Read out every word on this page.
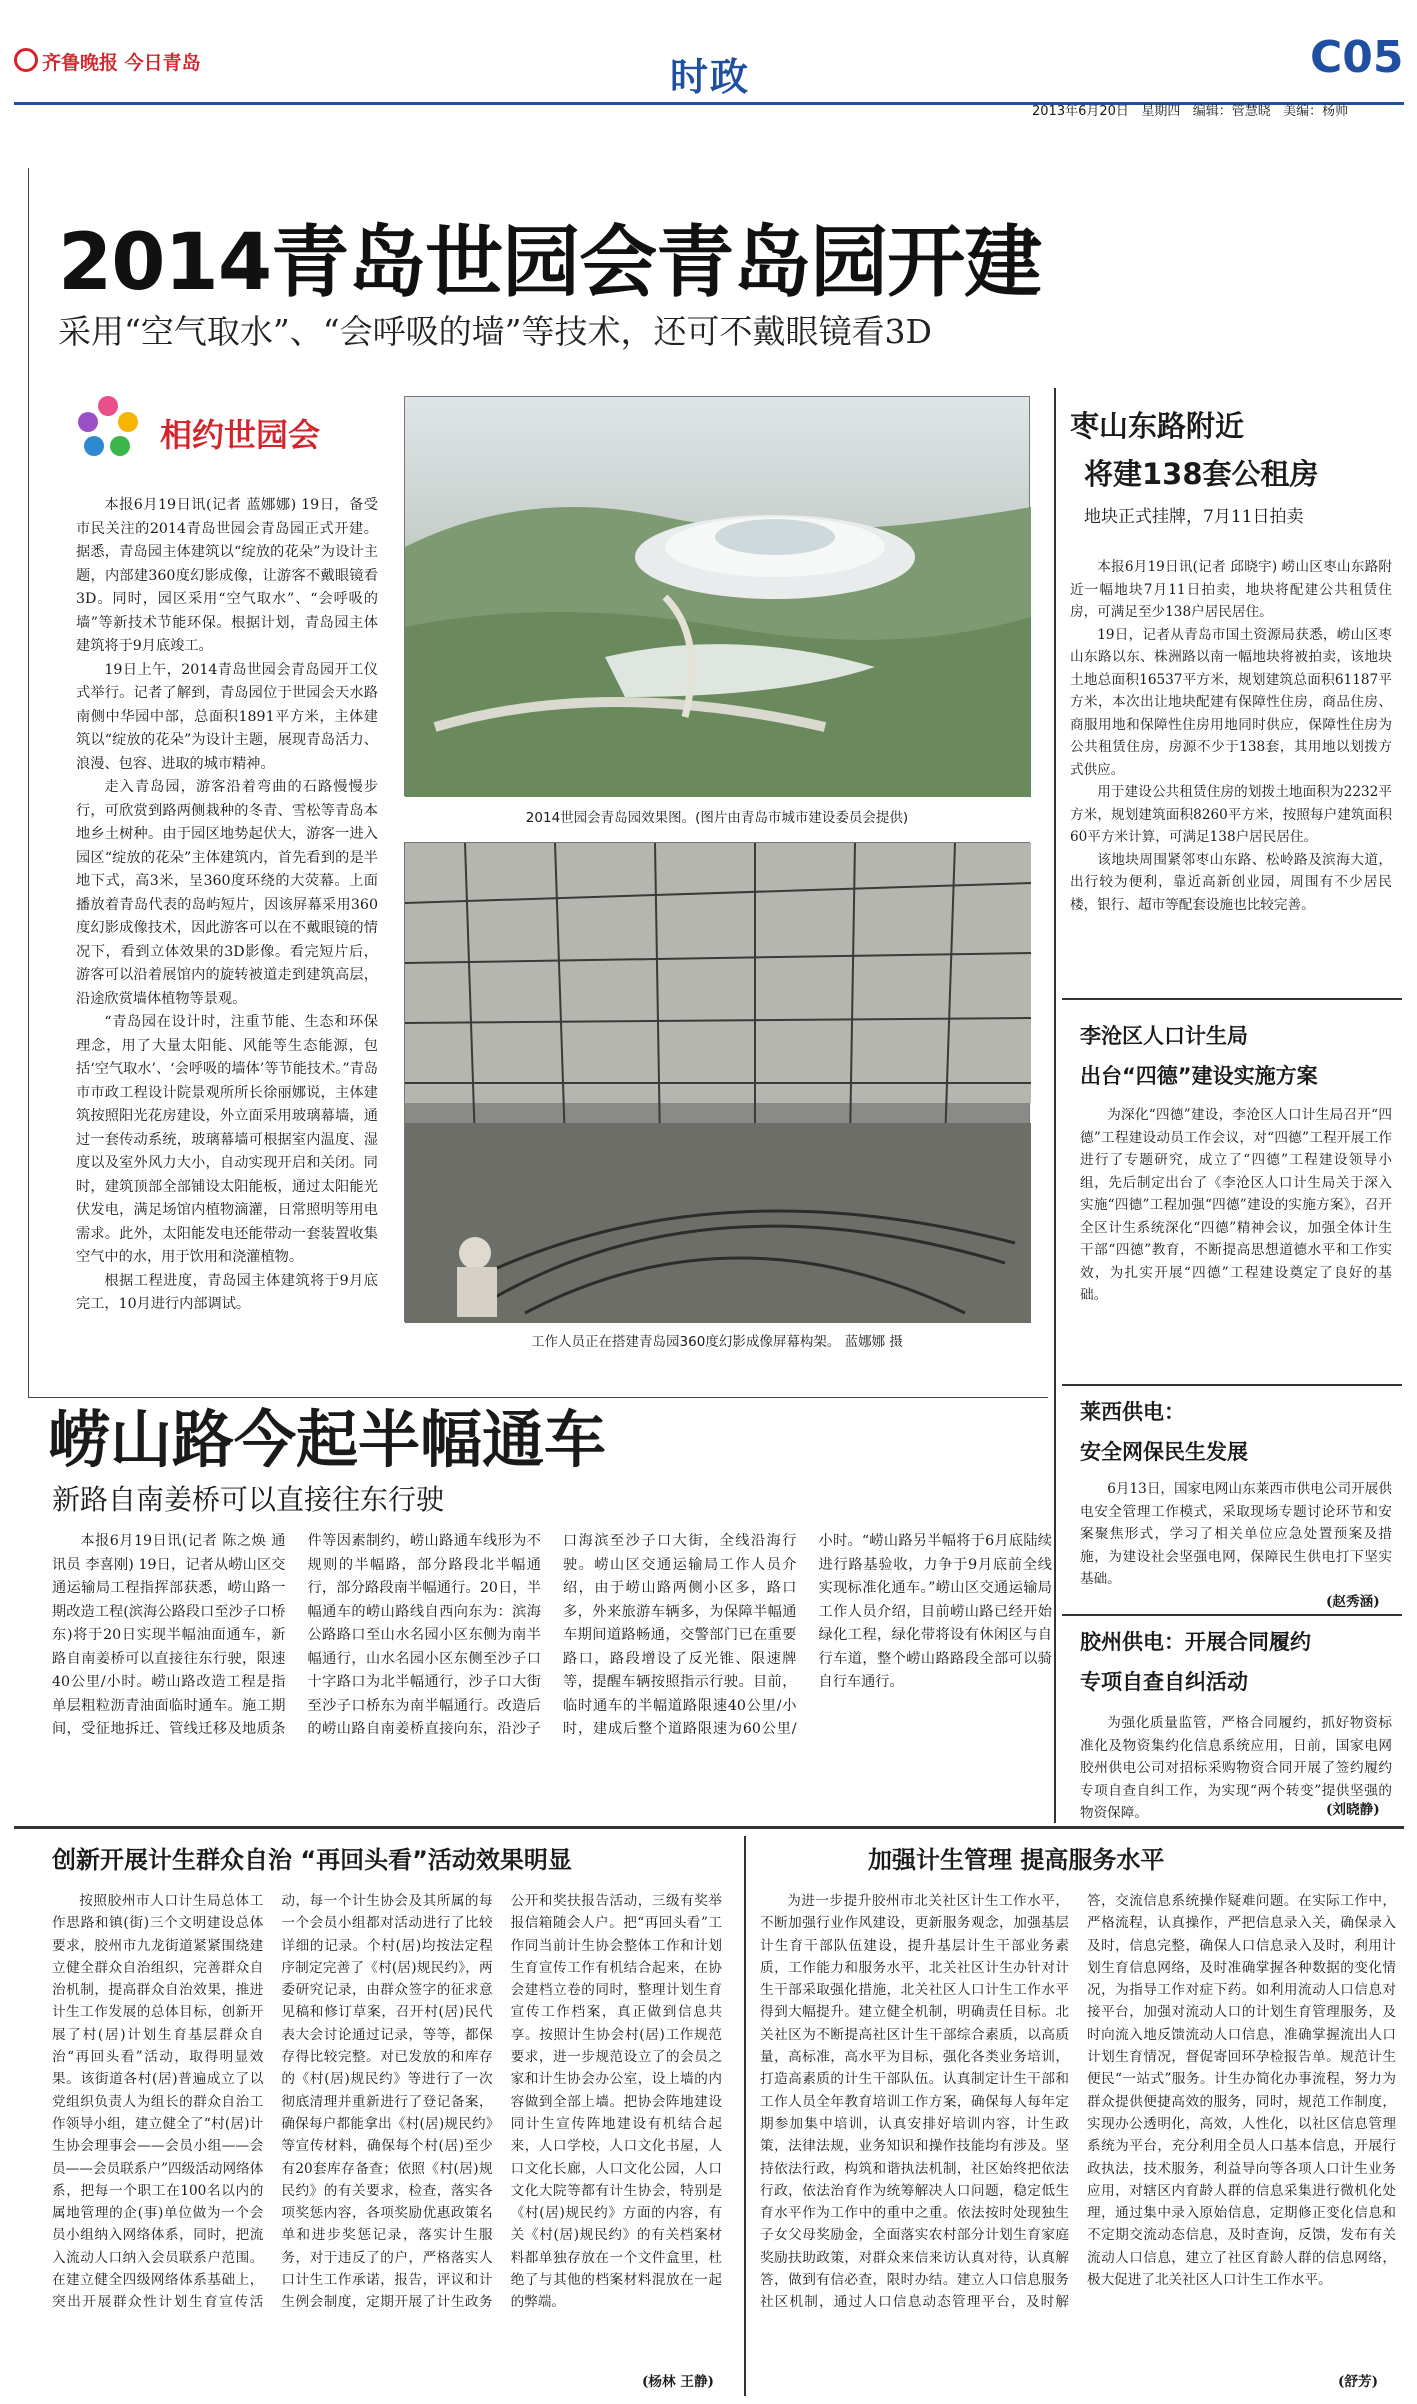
齐鲁晚报 今日青岛	时政	C05
2013年6月20日 星期四 编辑：管慧晓 美编：杨帅
2014青岛世园会青岛园开建
采用“空气取水”、“会呼吸的墙”等技术，还可不戴眼镜看3D
相约世园会

本报6月19日讯(记者 蓝娜娜) 19日，备受市民关注的2014青岛世园会青岛园正式开建。据悉，青岛园主体建筑以“绽放的花朵”为设计主题，内部建360度幻影成像，让游客不戴眼镜看3D。同时，园区采用“空气取水”、“会呼吸的墙”等新技术节能环保。根据计划，青岛园主体建筑将于9月底竣工。

19日上午，2014青岛世园会青岛园开工仪式举行。记者了解到，青岛园位于世园会天水路南侧中华园中部，总面积1891平方米，主体建筑以“绽放的花朵”为设计主题，展现青岛活力、浪漫、包容、进取的城市精神。

走入青岛园，游客沿着弯曲的石路慢慢步行，可欣赏到路两侧栽种的冬青、雪松等青岛本地乡土树种。由于园区地势起伏大，游客一进入园区“绽放的花朵”主体建筑内，首先看到的是半地下式，高3米，呈360度环绕的大荧幕。上面播放着青岛代表的岛屿短片，因该屏幕采用360度幻影成像技术，因此游客可以在不戴眼镜的情况下，看到立体效果的3D影像。看完短片后，游客可以沿着展馆内的旋转被道走到建筑高层，沿途欣赏墙体植物等景观。

“青岛园在设计时，注重节能、生态和环保理念，用了大量太阳能、风能等生态能源，包括‘空气取水’、‘会呼吸的墙体’等节能技术。”青岛市市政工程设计院景观所所长徐丽娜说，主体建筑按照阳光花房建设，外立面采用玻璃幕墙，通过一套传动系统，玻璃幕墙可根据室内温度、湿度以及室外风力大小，自动实现开启和关闭。同时，建筑顶部全部铺设太阳能板，通过太阳能光伏发电，满足场馆内植物滴灌，日常照明等用电需求。此外，太阳能发电还能带动一套装置收集空气中的水，用于饮用和浇灌植物。

根据工程进度，青岛园主体建筑将于9月底完工，10月进行内部调试。

2014世园会青岛园效果图。(图片由青岛市城市建设委员会提供)
工作人员正在搭建青岛园360度幻影成像屏幕构架。 蓝娜娜 摄
枣山东路附近
将建138套公租房
地块正式挂牌，7月11日拍卖

本报6月19日讯(记者 邱晓宇) 崂山区枣山东路附近一幅地块7月11日拍卖，地块将配建公共租赁住房，可满足至少138户居民居住。

19日，记者从青岛市国土资源局获悉，崂山区枣山东路以东、株洲路以南一幅地块将被拍卖，该地块土地总面积16537平方米，规划建筑总面积61187平方米，本次出让地块配建有保障性住房，商品住房、商服用地和保障性住房用地同时供应，保障性住房为公共租赁住房，房源不少于138套，其用地以划拨方式供应。

用于建设公共租赁住房的划拨土地面积为2232平方米，规划建筑面积8260平方米，按照每户建筑面积60平方米计算，可满足138户居民居住。

该地块周围紧邻枣山东路、松岭路及滨海大道，出行较为便利，靠近高新创业园，周围有不少居民楼，银行、超市等配套设施也比较完善。

李沧区人口计生局
出台“四德”建设实施方案

为深化“四德”建设，李沧区人口计生局召开“四德”工程建设动员工作会议，对“四德”工程开展工作进行了专题研究，成立了“四德”工程建设领导小组，先后制定出台了《李沧区人口计生局关于深入实施“四德”工程加强“四德”建设的实施方案》，召开全区计生系统深化“四德”精神会议，加强全体计生干部“四德”教育，不断提高思想道德水平和工作实效，为扎实开展“四德”工程建设奠定了良好的基础。

莱西供电：
安全网保民生发展

6月13日，国家电网山东莱西市供电公司开展供电安全管理工作模式，采取现场专题讨论环节和安案聚焦形式，学习了相关单位应急处置预案及措施，为建设社会坚强电网，保障民生供电打下坚实基础。

(赵秀涵)
胶州供电：开展合同履约
专项自查自纠活动

为强化质量监管，严格合同履约，抓好物资标准化及物资集约化信息系统应用，日前，国家电网胶州供电公司对招标采购物资合同开展了签约履约专项自查自纠工作，为实现“两个转变”提供坚强的物资保障。	(刘晓静)
崂山路今起半幅通车
新路自南姜桥可以直接往东行驶

本报6月19日讯(记者 陈之焕 通讯员 李喜刚) 19日，记者从崂山区交通运输局工程指挥部获悉，崂山路一期改造工程(滨海公路段口至沙子口桥东)将于20日实现半幅油面通车，新路自南姜桥可以直接往东行驶，限速40公里/小时。崂山路改造工程是指单层粗粒沥青油面临时通车。施工期间，受征地拆迁、管线迁移及地质条件等因素制约，崂山路通车线形为不规则的半幅路，部分路段北半幅通行，部分路段南半幅通行。20日，半幅通车的崂山路线自西向东为：滨海公路路口至山水名园小区东侧为南半幅通行，山水名园小区东侧至沙子口十字路口为北半幅通行，沙子口大街至沙子口桥东为南半幅通行。改造后的崂山路自南姜桥直接向东，沿沙子口海滨至沙子口大街，全线沿海行驶。崂山区交通运输局工作人员介绍，由于崂山路两侧小区多，路口多，外来旅游车辆多，为保障半幅通车期间道路畅通，交警部门已在重要路口，路段增设了反光锥、限速牌等，提醒车辆按照指示行驶。目前，临时通车的半幅道路限速40公里/小时，建成后整个道路限速为60公里/小时。“崂山路另半幅将于6月底陆续进行路基验收，力争于9月底前全线实现标准化通车。”崂山区交通运输局工作人员介绍，目前崂山路已经开始绿化工程，绿化带将设有休闲区与自行车道，整个崂山路路段全部可以骑自行车通行。

创新开展计生群众自治 “再回头看”活动效果明显	加强计生管理 提高服务水平

按照胶州市人口计生局总体工作思路和镇(街)三个文明建设总体要求，胶州市九龙街道紧紧围绕建立健全群众自治组织，完善群众自治机制，提高群众自治效果，推进计生工作发展的总体目标，创新开展了村(居)计划生育基层群众自治“再回头看”活动，取得明显效果。该街道各村(居)普遍成立了以党组织负责人为组长的群众自治工作领导小组，建立健全了“村(居)计生协会理事会——会员小组——会员——会员联系户”四级活动网络体系，把每一个职工在100名以内的属地管理的企(事)单位做为一个会员小组纳入网络体系，同时，把流入流动人口纳入会员联系户范围。在建立健全四级网络体系基础上，突出开展群众性计划生育宣传活动，每一个计生协会及其所属的每一个会员小组都对活动进行了比较详细的记录。个村(居)均按法定程序制定完善了《村(居)规民约》，两委研究记录，由群众签字的征求意见稿和修订草案，召开村(居)民代表大会讨论通过记录，等等，都保存得比较完整。对已发放的和库存的《村(居)规民约》等进行了一次彻底清理并重新进行了登记备案，确保每户都能拿出《村(居)规民约》等宣传材料，确保每个村(居)至少有20套库存备查；依照《村(居)规民约》的有关要求，检查，落实各项奖惩内容，各项奖励优惠政策名单和进步奖惩记录，落实计生服务，对于违反了的户，严格落实人口计生工作承诺，报告，评议和计生例会制度，定期开展了计生政务公开和奖扶报告活动，三级有奖举报信箱随会人户。把“再回头看”工作同当前计生协会整体工作和计划生育宣传工作有机结合起来，在协会建档立卷的同时，整理计划生育宣传工作档案，真正做到信息共享。按照计生协会村(居)工作规范要求，进一步规范设立了的会员之家和计生协会办公室，设上墙的内容做到全部上墙。把协会阵地建设同计生宣传阵地建设有机结合起来，人口学校，人口文化书屋，人口文化长廊，人口文化公园，人口文化大院等都有计生协会，特别是《村(居)规民约》方面的内容，有关《村(居)规民约》的有关档案材料都单独存放在一个文件盒里，杜绝了与其他的档案材料混放在一起的弊端。

(杨林 王静)

为进一步提升胶州市北关社区计生工作水平，不断加强行业作风建设，更新服务观念，加强基层计生育干部队伍建设，提升基层计生干部业务素质，工作能力和服务水平，北关社区计生办针对计生干部采取强化措施，北关社区人口计生工作水平得到大幅提升。建立健全机制，明确责任目标。北关社区为不断提高社区计生干部综合素质，以高质量，高标准，高水平为目标，强化各类业务培训，打造高素质的计生干部队伍。认真制定计生干部和工作人员全年教育培训工作方案，确保每人每年定期参加集中培训，认真安排好培训内容，计生政策，法律法规，业务知识和操作技能均有涉及。坚持依法行政，构筑和谐执法机制，社区始终把依法行政，依法治育作为统筹解决人口问题，稳定低生育水平作为工作中的重中之重。依法按时处现独生子女父母奖励金，全面落实农村部分计划生育家庭奖励扶助政策，对群众来信来访认真对待，认真解答，做到有信必查，限时办结。建立人口信息服务社区机制，通过人口信息动态管理平台，及时解答，交流信息系统操作疑难问题。在实际工作中，严格流程，认真操作，严把信息录入关，确保录入及时，信息完整，确保人口信息录入及时，利用计划生育信息网络，及时准确掌握各种数据的变化情况，为指导工作对症下药。如利用流动人口信息对接平台，加强对流动人口的计划生育管理服务，及时向流入地反馈流动人口信息，准确掌握流出人口计划生育情况，督促寄回环孕检报告单。规范计生便民“一站式”服务。计生办简化办事流程，努力为群众提供便捷高效的服务，同时，规范工作制度，实现办公透明化，高效，人性化，以社区信息管理系统为平台，充分利用全员人口基本信息，开展行政执法，技术服务，利益导向等各项人口计生业务应用，对辖区内育龄人群的信息采集进行微机化处理，通过集中录入原始信息，定期修正变化信息和不定期交流动态信息，及时查询，反馈，发布有关流动人口信息，建立了社区育龄人群的信息网络，极大促进了北关社区人口计生工作水平。

(舒芳)
